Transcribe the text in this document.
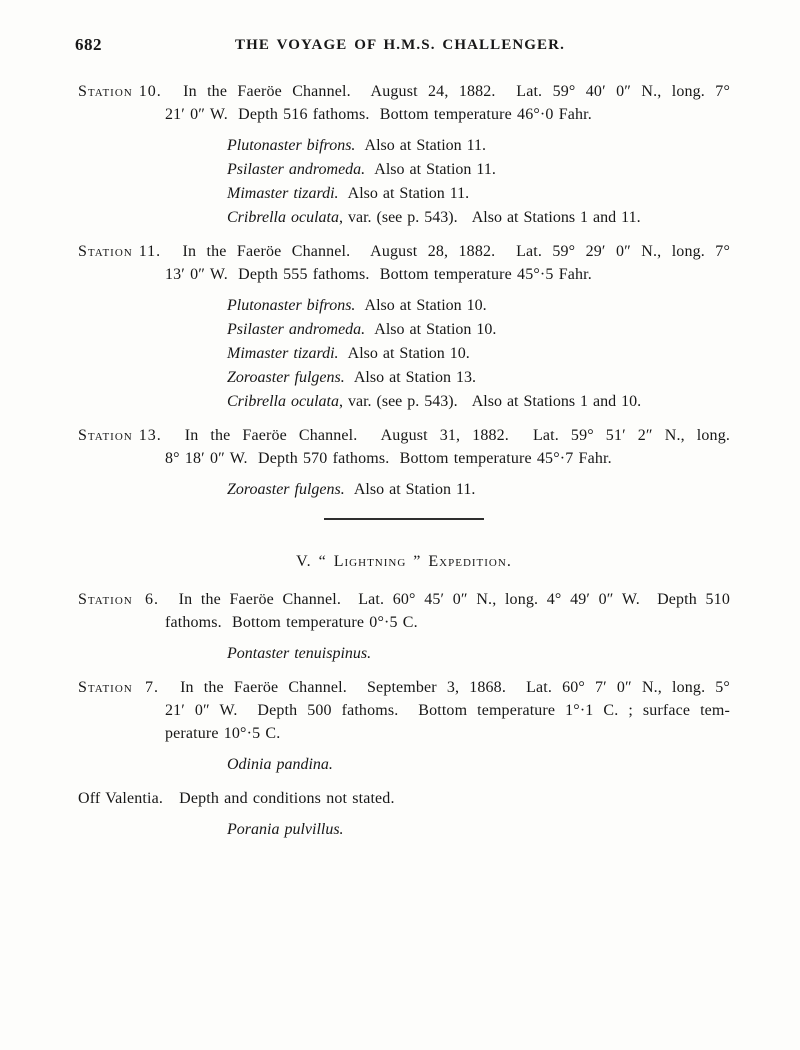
682	THE VOYAGE OF H.M.S. CHALLENGER.

Station 10. In the Faeröe Channel.  August 24, 1882.  Lat. 59° 40′ 0″ N., long. 7°

21′ 0″ W.  Depth 516 fathoms.  Bottom temperature 46°·0 Fahr.

Plutonaster bifrons.  Also at Station 11.

Psilaster andromeda.  Also at Station 11.

Mimaster tizardi.  Also at Station 11.

Cribrella oculata, var. (see p. 543).   Also at Stations 1 and 11.

Station 11. In the Faeröe Channel.  August 28, 1882.  Lat. 59° 29′ 0″ N., long. 7°

13′ 0″ W.  Depth 555 fathoms.  Bottom temperature 45°·5 Fahr.

Plutonaster bifrons.  Also at Station 10.

Psilaster andromeda.  Also at Station 10.

Mimaster tizardi.  Also at Station 10.

Zoroaster fulgens.  Also at Station 13.

Cribrella oculata, var. (see p. 543).   Also at Stations 1 and 10.

Station 13. In the Faeröe Channel.  August 31, 1882.  Lat. 59° 51′ 2″ N., long.

8° 18′ 0″ W.  Depth 570 fathoms.  Bottom temperature 45°·7 Fahr.

Zoroaster fulgens.  Also at Station 11.

V. “ Lightning ” Expedition.

Station 6. In the Faeröe Channel.  Lat. 60° 45′ 0″ N., long. 4° 49′ 0″ W.  Depth 510

fathoms.  Bottom temperature 0°·5 C.

Pontaster tenuispinus.

Station 7. In the Faeröe Channel.  September 3, 1868.  Lat. 60° 7′ 0″ N., long. 5°

21′ 0″ W.  Depth 500 fathoms.  Bottom temperature 1°·1 C. ; surface tem-

perature 10°·5 C.

Odinia pandina.

Off Valentia. Depth and conditions not stated.

Porania pulvillus.
